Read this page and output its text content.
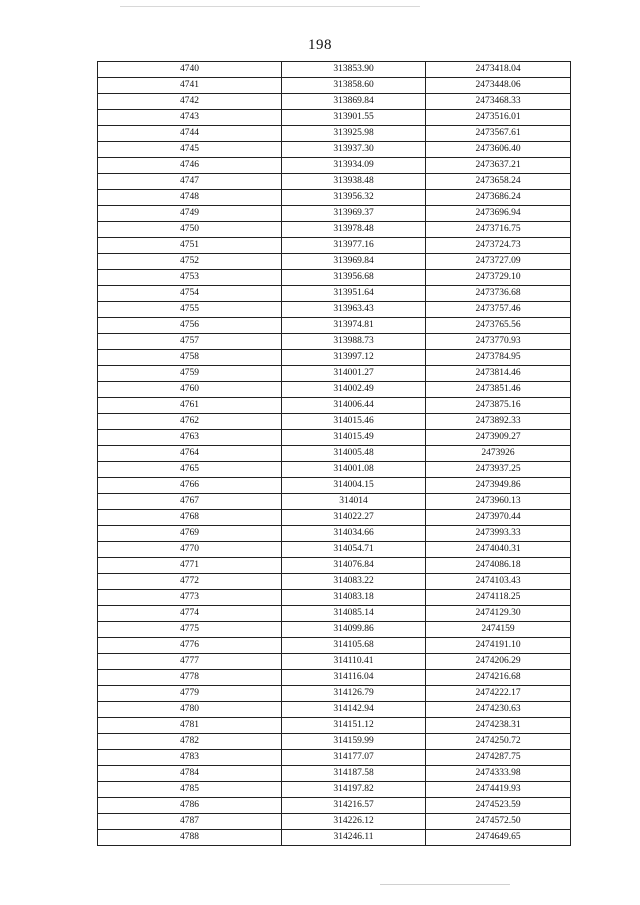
198
4740	313853.90	2473418.04
4741	313858.60	2473448.06
4742	313869.84	2473468.33
4743	313901.55	2473516.01
4744	313925.98	2473567.61
4745	313937.30	2473606.40
4746	313934.09	2473637.21
4747	313938.48	2473658.24
4748	313956.32	2473686.24
4749	313969.37	2473696.94
4750	313978.48	2473716.75
4751	313977.16	2473724.73
4752	313969.84	2473727.09
4753	313956.68	2473729.10
4754	313951.64	2473736.68
4755	313963.43	2473757.46
4756	313974.81	2473765.56
4757	313988.73	2473770.93
4758	313997.12	2473784.95
4759	314001.27	2473814.46
4760	314002.49	2473851.46
4761	314006.44	2473875.16
4762	314015.46	2473892.33
4763	314015.49	2473909.27
4764	314005.48	2473926
4765	314001.08	2473937.25
4766	314004.15	2473949.86
4767	314014	2473960.13
4768	314022.27	2473970.44
4769	314034.66	2473993.33
4770	314054.71	2474040.31
4771	314076.84	2474086.18
4772	314083.22	2474103.43
4773	314083.18	2474118.25
4774	314085.14	2474129.30
4775	314099.86	2474159
4776	314105.68	2474191.10
4777	314110.41	2474206.29
4778	314116.04	2474216.68
4779	314126.79	2474222.17
4780	314142.94	2474230.63
4781	314151.12	2474238.31
4782	314159.99	2474250.72
4783	314177.07	2474287.75
4784	314187.58	2474333.98
4785	314197.82	2474419.93
4786	314216.57	2474523.59
4787	314226.12	2474572.50
4788	314246.11	2474649.65
